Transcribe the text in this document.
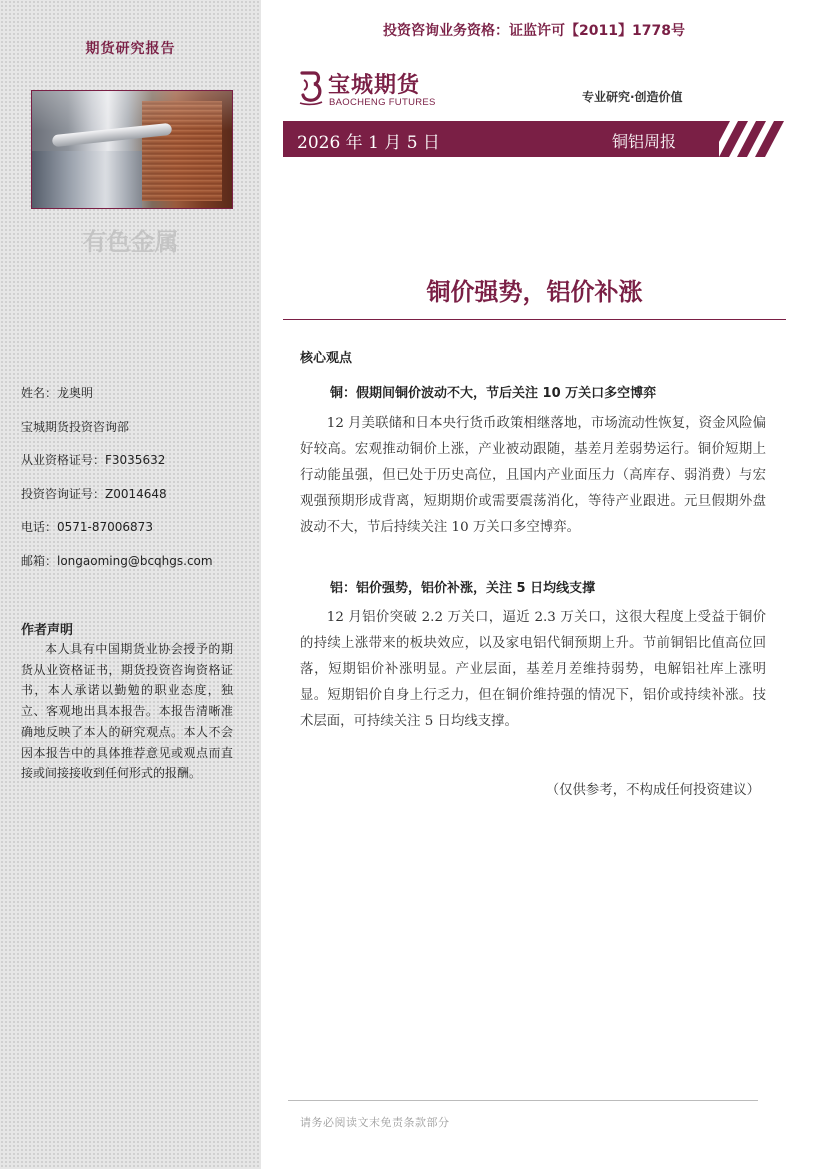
期货研究报告
有色金属
姓名：龙奥明
宝城期货投资咨询部
从业资格证号：F3035632
投资咨询证号：Z0014648
电话：0571-87006873
邮箱：longaoming@bcqhgs.com
作者声明
本人具有中国期货业协会授予的期货从业资格证书，期货投资咨询资格证书，本人承诺以勤勉的职业态度，独立、客观地出具本报告。本报告清晰准确地反映了本人的研究观点。本人不会因本报告中的具体推荐意见或观点而直接或间接接收到任何形式的报酬。
投资咨询业务资格：证监许可【2011】1778号
宝城期货
BAOCHENG FUTURES	专业研究·创造价值
2026 年 1 月 5 日	铜铝周报
铜价强势，铝价补涨
核心观点
铜：假期间铜价波动不大，节后关注 10 万关口多空博弈
12 月美联储和日本央行货币政策相继落地，市场流动性恢复，资金风险偏好较高。宏观推动铜价上涨，产业被动跟随，基差月差弱势运行。铜价短期上行动能虽强，但已处于历史高位，且国内产业面压力（高库存、弱消费）与宏观强预期形成背离，短期期价或需要震荡消化，等待产业跟进。元旦假期外盘波动不大，节后持续关注 10 万关口多空博弈。
铝：铝价强势，铝价补涨，关注 5 日均线支撑
12 月铝价突破 2.2 万关口，逼近 2.3 万关口，这很大程度上受益于铜价的持续上涨带来的板块效应，以及家电铝代铜预期上升。节前铜铝比值高位回落，短期铝价补涨明显。产业层面，基差月差维持弱势，电解铝社库上涨明显。短期铝价自身上行乏力，但在铜价维持强的情况下，铝价或持续补涨。技术层面，可持续关注 5 日均线支撑。
（仅供参考，不构成任何投资建议）
请务必阅读文末免责条款部分
